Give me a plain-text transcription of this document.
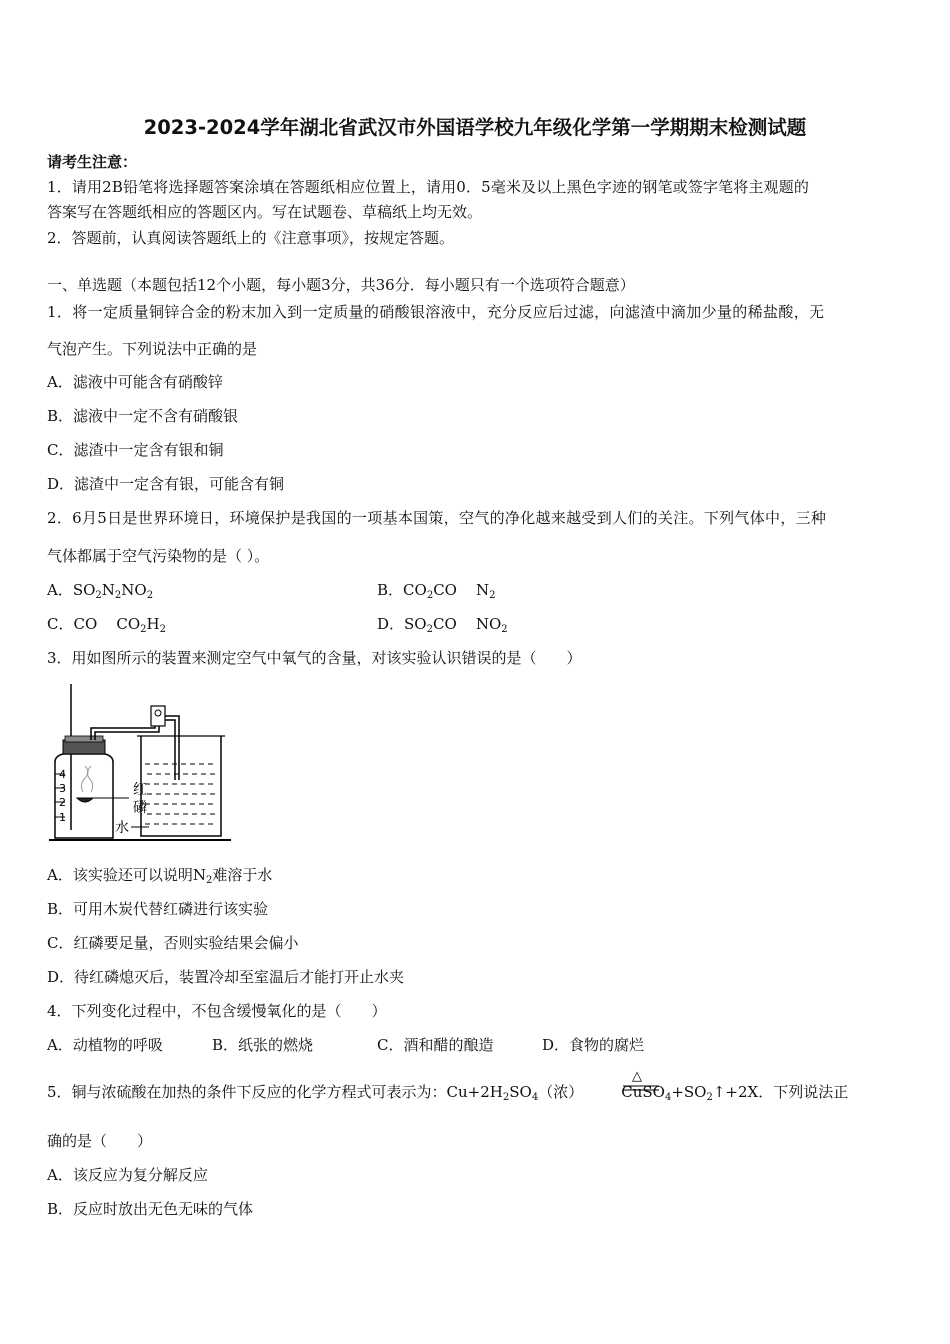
2023-2024学年湖北省武汉市外国语学校九年级化学第一学期期末检测试题
请考生注意：
1．请用2B铅笔将选择题答案涂填在答题纸相应位置上，请用0．5毫米及以上黑色字迹的钢笔或签字笔将主观题的
答案写在答题纸相应的答题区内。写在试题卷、草稿纸上均无效。
2．答题前，认真阅读答题纸上的《注意事项》，按规定答题。
一、单选题（本题包括12个小题，每小题3分，共36分．每小题只有一个选项符合题意）
1．将一定质量铜锌合金的粉末加入到一定质量的硝酸银溶液中，充分反应后过滤，向滤渣中滴加少量的稀盐酸，无
气泡产生。下列说法中正确的是
A．滤液中可能含有硝酸锌
B．滤液中一定不含有硝酸银
C．滤渣中一定含有银和铜
D．滤渣中一定含有银，可能含有铜
2．6月5日是世界环境日，环境保护是我国的一项基本国策，空气的净化越来越受到人们的关注。下列气体中，三种
气体都属于空气污染物的是（ ）。
A．$SO_2N_2NO_2$	B．$CO_2CO$ $N_2$
C．CO $CO_2H_2$	D．$SO_2CO$ $NO_2$
3．用如图所示的装置来测定空气中氧气的含量，对该实验认识错误的是（　　）
4
3
2
1
红
磷
水
A．该实验还可以说明$N_2$难溶于水
B．可用木炭代替红磷进行该实验
C．红磷要足量，否则实验结果会偏小
D．待红磷熄灭后，装置冷却至室温后才能打开止水夹
4．下列变化过程中，不包含缓慢氧化的是（　　）
A．动植物的呼吸	B．纸张的燃烧	C．酒和醋的酿造	D．食物的腐烂
5．铜与浓硫酸在加热的条件下反应的化学方程式可表示为：$Cu+2H_2SO_4$（浓）	$CuSO_4+SO_2↑+2X$．下列说法正
△
确的是（　　）
A．该反应为复分解反应
B．反应时放出无色无味的气体
